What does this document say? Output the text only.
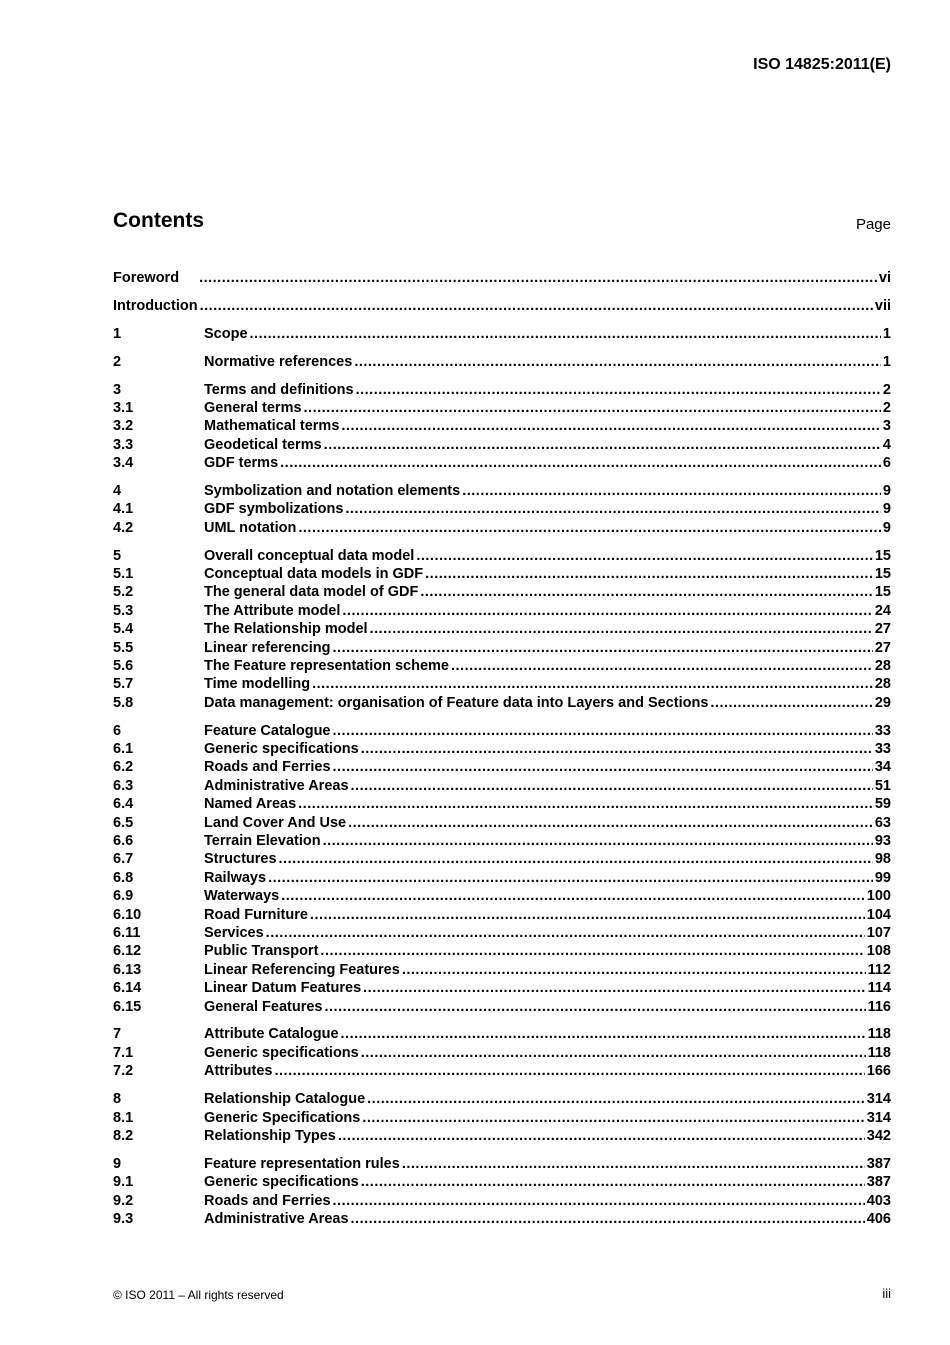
ISO 14825:2011(E)
Contents	Page
Foreword .....	vi
Introduction .....	vii
1	Scope .....	1
2	Normative references .....	1
3	Terms and definitions .....	2
3.1	General terms .....	2
3.2	Mathematical terms .....	3
3.3	Geodetical terms .....	4
3.4	GDF terms .....	6
4	Symbolization and notation elements .....	9
4.1	GDF symbolizations .....	9
4.2	UML notation .....	9
5	Overall conceptual data model .....	15
5.1	Conceptual data models in GDF .....	15
5.2	The general data model of GDF .....	15
5.3	The Attribute model .....	24
5.4	The Relationship model .....	27
5.5	Linear referencing .....	27
5.6	The Feature representation scheme .....	28
5.7	Time modelling .....	28
5.8	Data management: organisation of Feature data into Layers and Sections .....	29
6	Feature Catalogue .....	33
6.1	Generic specifications .....	33
6.2	Roads and Ferries .....	34
6.3	Administrative Areas .....	51
6.4	Named Areas .....	59
6.5	Land Cover And Use .....	63
6.6	Terrain Elevation .....	93
6.7	Structures .....	98
6.8	Railways .....	99
6.9	Waterways .....	100
6.10	Road Furniture .....	104
6.11	Services .....	107
6.12	Public Transport .....	108
6.13	Linear Referencing Features .....	112
6.14	Linear Datum Features .....	114
6.15	General Features .....	116
7	Attribute Catalogue .....	118
7.1	Generic specifications .....	118
7.2	Attributes .....	166
8	Relationship Catalogue .....	314
8.1	Generic Specifications .....	314
8.2	Relationship Types .....	342
9	Feature representation rules .....	387
9.1	Generic specifications .....	387
9.2	Roads and Ferries .....	403
9.3	Administrative Areas .....	406
© ISO 2011 – All rights reserved	iii
